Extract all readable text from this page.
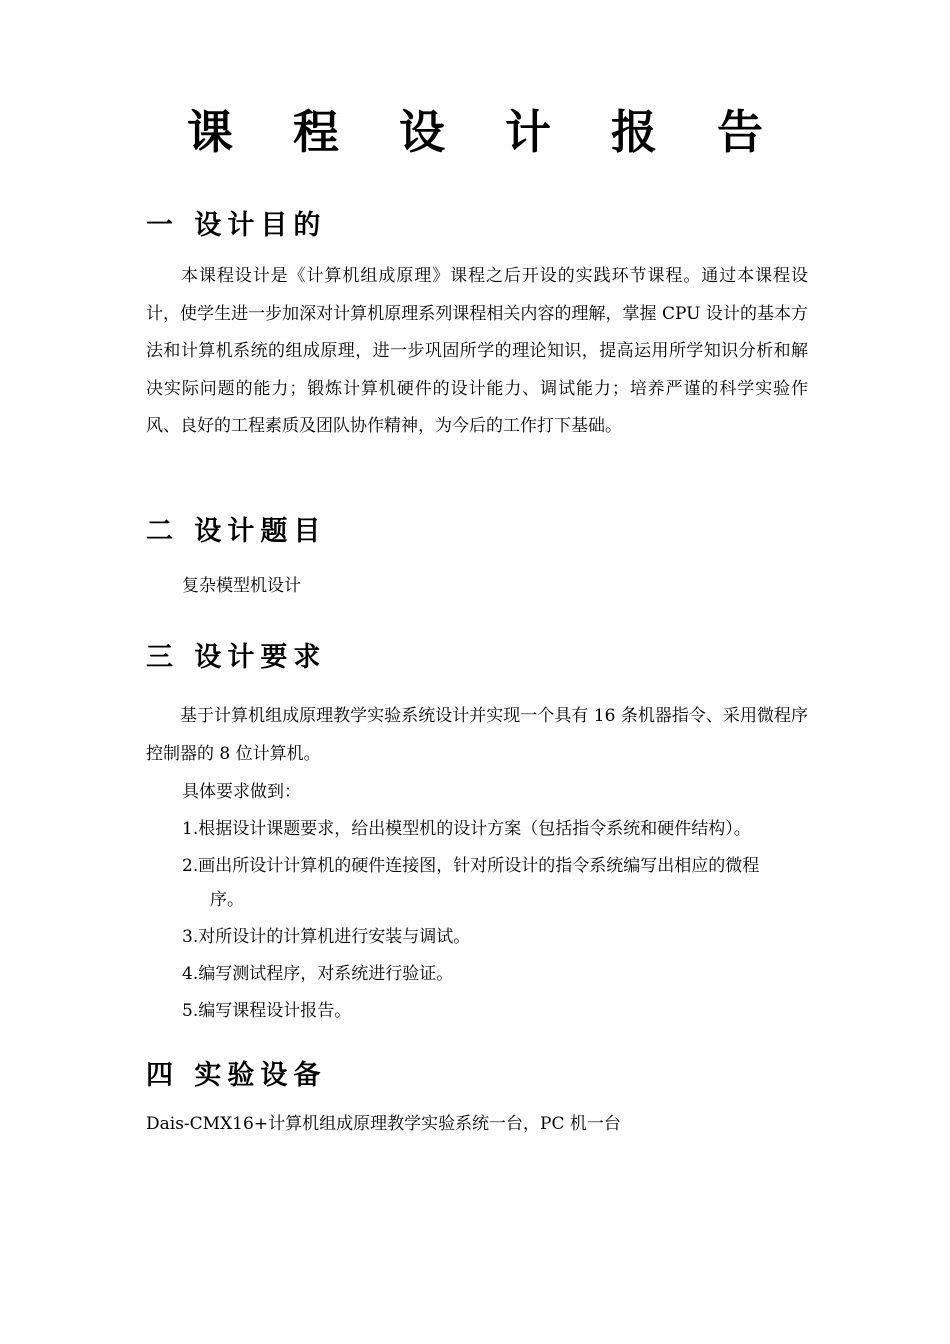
课 程 设 计 报 告
一 设计目的
本课程设计是《计算机组成原理》课程之后开设的实践环节课程。通过本课程设计，使学生进一步加深对计算机原理系列课程相关内容的理解，掌握 CPU 设计的基本方法和计算机系统的组成原理，进一步巩固所学的理论知识，提高运用所学知识分析和解决实际问题的能力；锻炼计算机硬件的设计能力、调试能力；培养严谨的科学实验作风、良好的工程素质及团队协作精神，为今后的工作打下基础。
二 设计题目
复杂模型机设计
三 设计要求
基于计算机组成原理教学实验系统设计并实现一个具有 16 条机器指令、采用微程序控制器的 8 位计算机。
具体要求做到：
1.根据设计课题要求，给出模型机的设计方案（包括指令系统和硬件结构）。
2.画出所设计计算机的硬件连接图，针对所设计的指令系统编写出相应的微程序。
3.对所设计的计算机进行安装与调试。
4.编写测试程序，对系统进行验证。
5.编写课程设计报告。
四 实验设备
Dais-CMX16+计算机组成原理教学实验系统一台，PC 机一台
